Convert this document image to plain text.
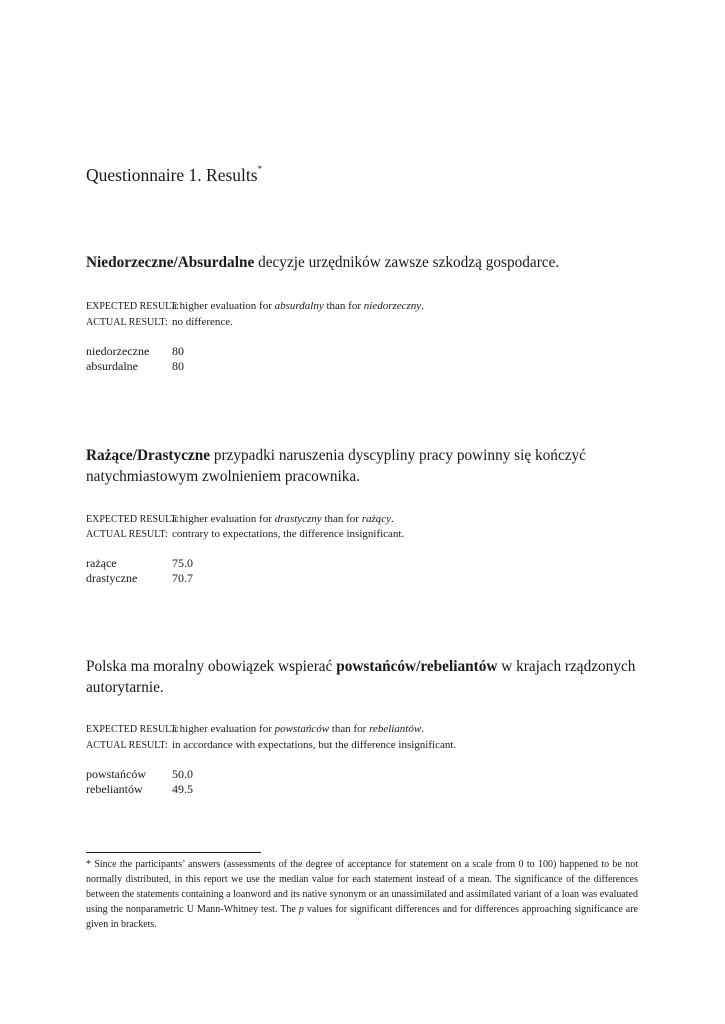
Questionnaire 1. Results*
Niedorzeczne/Absurdalne decyzje urzędników zawsze szkodzą gospodarce.
EXPECTED RESULT:a higher evaluation for absurdalny than for niedorzeczny.
ACTUAL RESULT: no difference.
niedorzeczne 80
absurdalne	80
Rażące/Drastyczne przypadki naruszenia dyscypliny pracy powinny się kończyć natychmiastowym zwolnieniem pracownika.
EXPECTED RESULT:a higher evaluation for drastyczny than for rażący.
ACTUAL RESULT: contrary to expectations, the difference insignificant.
rażące	75.0
drastyczne	70.7
Polska ma moralny obowiązek wspierać powstańców/rebeliantów w krajach rządzonych autorytarnie.
EXPECTED RESULT:a higher evaluation for powstańców than for rebeliantów.
ACTUAL RESULT: in accordance with expectations, but the difference insignificant.
powstańców 50.0
rebeliantów 49.5
* Since the participants’ answers (assessments of the degree of acceptance for statement on a scale from 0 to 100) happened to be not normally distributed, in this report we use the median value for each statement instead of a mean. The significance of the differences between the statements containing a loanword and its native synonym or an unassimilated and assimilated variant of a loan was evaluated using the nonparametric U Mann-Whitney test. The p values for significant differences and for differences approaching significance are given in brackets.
